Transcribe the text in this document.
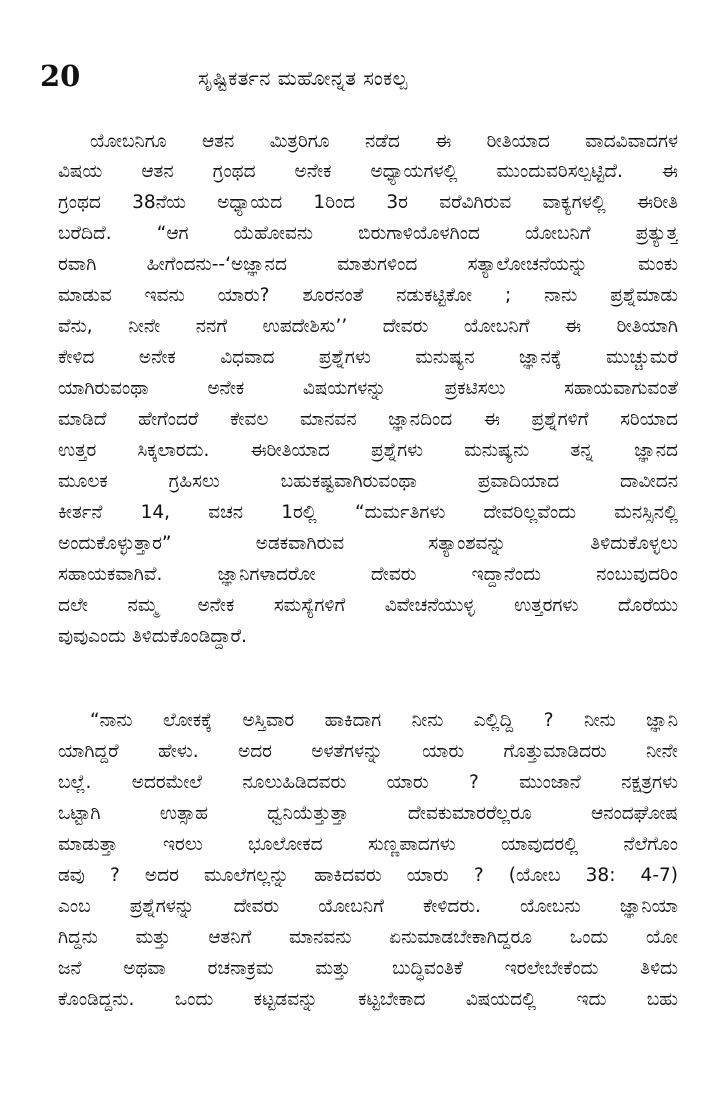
20	ಸೃಷ್ಟಿಕರ್ತನ ಮಹೋನ್ನತ ಸಂಕಲ್ಪ
ಯೋಬನಿಗೂ ಆತನ ಮಿತ್ರರಿಗೂ ನಡೆದ ಈ ರೀತಿಯಾದ ವಾದವಿವಾದಗಳ
ವಿಷಯ ಆತನ ಗ್ರಂಥದ ಅನೇಕ ಅಧ್ಯಾಯಗಳಲ್ಲಿ ಮುಂದುವರಿಸಲ್ಪಟ್ಟಿದೆ. ಈ
ಗ್ರಂಥದ 38ನೆಯ ಅಧ್ಯಾಯದ 1ರಿಂದ 3ರ ವರೆವಿಗಿರುವ ವಾಕ್ಯಗಳಲ್ಲಿ ಈರೀತಿ
ಬರೆದಿದೆ. “ಆಗ ಯೆಹೋವನು ಬಿರುಗಾಳಿಯೊಳಗಿಂದ ಯೋಬನಿಗೆ ಪ್ರತ್ಯುತ್ತ
ರವಾಗಿ ಹೀಗೆಂದನು--‘ಅಜ್ಞಾನದ ಮಾತುಗಳಿಂದ ಸತ್ಯಾಲೋಚನೆಯನ್ನು ಮಂಕು
ಮಾಡುವ ಇವನು ಯಾರು? ಶೂರನಂತೆ ನಡುಕಟ್ಟಿಕೋ ; ನಾನು ಪ್ರಶ್ನೆಮಾಡು
ವೆನು, ನೀನೇ ನನಗೆ ಉಪದೇಶಿಸು’’ ದೇವರು ಯೋಬನಿಗೆ ಈ ರೀತಿಯಾಗಿ
ಕೇಳಿದ ಅನೇಕ ವಿಧವಾದ ಪ್ರಶ್ನೆಗಳು ಮನುಷ್ಯನ ಜ್ಞಾನಕ್ಕೆ ಮುಚ್ಚುಮರೆ
ಯಾಗಿರುವಂಥಾ ಅನೇಕ ವಿಷಯಗಳನ್ನು ಪ್ರಕಟಿಸಲು ಸಹಾಯವಾಗುವಂತೆ
ಮಾಡಿದೆ ಹೇಗೆಂದರೆ ಕೇವಲ ಮಾನವನ ಜ್ಞಾನದಿಂದ ಈ ಪ್ರಶ್ನೆಗಳಿಗೆ ಸರಿಯಾದ
ಉತ್ತರ ಸಿಕ್ಕಲಾರದು. ಈರೀತಿಯಾದ ಪ್ರಶ್ನೆಗಳು ಮನುಷ್ಯನು ತನ್ನ ಜ್ಞಾನದ
ಮೂಲಕ ಗ್ರಹಿಸಲು ಬಹುಕಷ್ಟವಾಗಿರುವಂಥಾ ಪ್ರವಾದಿಯಾದ ದಾವೀದನ
ಕೀರ್ತನೆ 14, ವಚನ 1ರಲ್ಲಿ “ದುರ್ಮತಿಗಳು ದೇವರಿಲ್ಲವೆಂದು ಮನಸ್ಸಿನಲ್ಲಿ
ಅಂದುಕೊಳ್ಳುತ್ತಾರ” ಅಡಕವಾಗಿರುವ ಸತ್ಯಾಂಶವನ್ನು ತಿಳಿದುಕೊಳ್ಳಲು
ಸಹಾಯಕವಾಗಿವೆ. ಜ್ಞಾನಿಗಳಾದರೋ ದೇವರು ಇದ್ದಾನೆಂದು ನಂಬುವುದರಿಂ
ದಲೇ ನಮ್ಮ ಅನೇಕ ಸಮಸ್ಯೆಗಳಿಗೆ ವಿವೇಚನೆಯುಳ್ಳ ಉತ್ತರಗಳು ದೊರೆಯು
ವುವುಎಂದು ತಿಳಿದುಕೊಂಡಿದ್ದಾರೆ.
“ನಾನು ಲೋಕಕ್ಕೆ ಅಸ್ತಿವಾರ ಹಾಕಿದಾಗ ನೀನು ಎಲ್ಲಿದ್ದಿ ? ನೀನು ಜ್ಞಾನಿ
ಯಾಗಿದ್ದರೆ ಹೇಳು. ಅದರ ಅಳತೆಗಳನ್ನು ಯಾರು ಗೊತ್ತುಮಾಡಿದರು ನೀನೇ
ಬಲ್ಲೆ. ಅದರಮೇಲೆ ನೂಲುಹಿಡಿದವರು ಯಾರು ? ಮುಂಜಾನೆ ನಕ್ಷತ್ರಗಳು
ಒಟ್ಟಾಗಿ ಉತ್ಸಾಹ ಧ್ವನಿಯೆತ್ತುತ್ತಾ ದೇವಕುಮಾರರೆಲ್ಲರೂ ಆನಂದಘೋಷ
ಮಾಡುತ್ತಾ ಇರಲು ಭೂಲೋಕದ ಸುಣ್ಣಪಾದಗಳು ಯಾವುದರಲ್ಲಿ ನೆಲೆಗೊಂ
ಡವು ? ಅದರ ಮೂಲೆಗಲ್ಲನ್ನು ಹಾಕಿದವರು ಯಾರು ? (ಯೋಬ 38: 4-7)
ಎಂಬ ಪ್ರಶ್ನೆಗಳನ್ನು ದೇವರು ಯೋಬನಿಗೆ ಕೇಳಿದರು. ಯೋಬನು ಜ್ಞಾನಿಯಾ
ಗಿದ್ದನು ಮತ್ತು ಆತನಿಗೆ ಮಾನವನು ಏನುಮಾಡಬೇಕಾಗಿದ್ದರೂ ಒಂದು ಯೋ
ಜನೆ ಅಥವಾ ರಚನಾಕ್ರಮ ಮತ್ತು ಬುದ್ಧಿವಂತಿಕೆ ಇರಲೇಬೇಕೆಂದು ತಿಳಿದು
ಕೊಂಡಿದ್ದನು. ಒಂದು ಕಟ್ಟಡವನ್ನು ಕಟ್ಟಬೇಕಾದ ವಿಷಯದಲ್ಲಿ ಇದು ಬಹು
